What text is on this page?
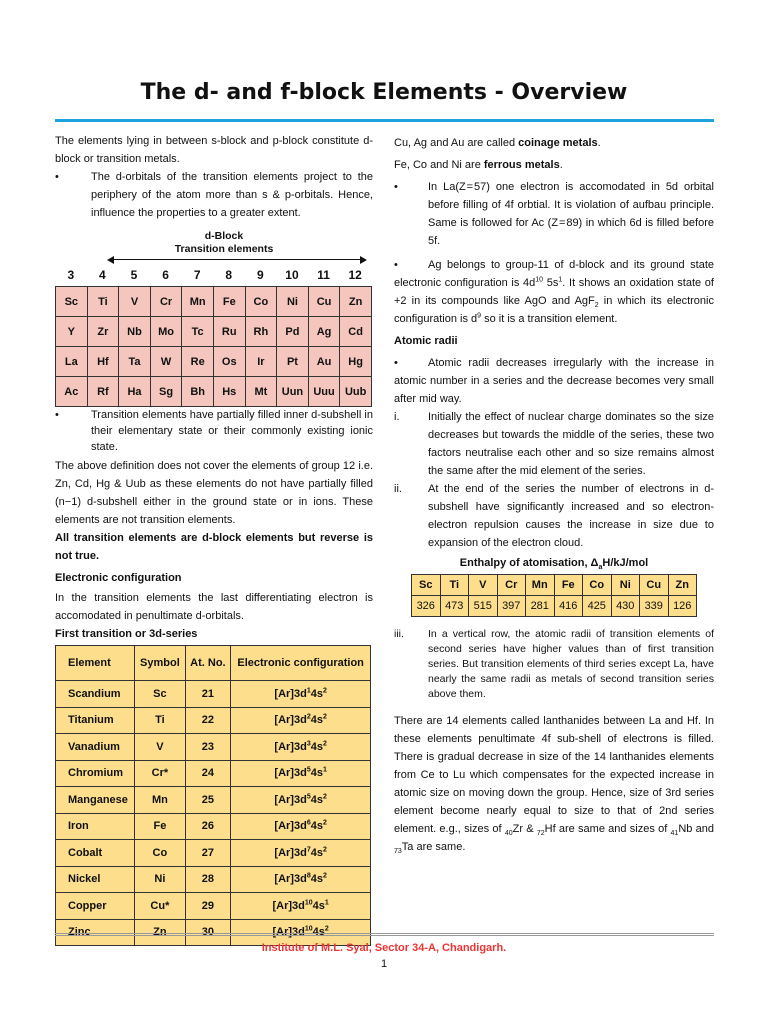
The d- and f-block Elements - Overview

The elements lying in between s-block and p-block constitute d-block or transition metals.

•	The d-orbitals of the transition elements project to the periphery of the atom more than s & p-orbitals. Hence, influence the properties to a greater extent.
d-Block
Transition elements
3	4	5	6	7	8	9	10	11	12
Sc	Ti	V	Cr	Mn	Fe	Co	Ni	Cu	Zn
Y	Zr	Nb	Mo	Tc	Ru	Rh	Pd	Ag	Cd
La	Hf	Ta	W	Re	Os	Ir	Pt	Au	Hg
Ac	Rf	Ha	Sg	Bh	Hs	Mt	Uun	Uuu	Uub
•	Transition elements have partially filled inner d-subshell in their elementary state or their commonly existing ionic state.

The above definition does not cover the elements of group 12 i.e. Zn, Cd, Hg & Uub as these elements do not have partially filled (n−1) d-subshell either in the ground state or in ions. These elements are not transition elements.

All transition elements are d-block elements but reverse is not true.

Electronic configuration

In the transition elements the last differentiating electron is accomodated in penultimate d-orbitals.

First transition or 3d-series

Element	Symbol	At. No.	Electronic configuration
Scandium	Sc	21	$[Ar]3d^14s^2$
Titanium	Ti	22	$[Ar]3d^24s^2$
Vanadium	V	23	$[Ar]3d^34s^2$
Chromium	Cr*	24	$[Ar]3d^54s^1$
Manganese	Mn	25	$[Ar]3d^54s^2$
Iron	Fe	26	$[Ar]3d^64s^2$
Cobalt	Co	27	$[Ar]3d^74s^2$
Nickel	Ni	28	$[Ar]3d^84s^2$
Copper	Cu*	29	$[Ar]3d^{10}4s^1$
Zinc	Zn	30	$[Ar]3d^{10}4s^2$

Cu, Ag and Au are called coinage metals.

Fe, Co and Ni are ferrous metals.

•	In La(Z = 57) one electron is accomodated in 5d orbital before filling of 4f orbtial. It is violation of aufbau principle. Same is followed for Ac (Z = 89) in which 6d is filled before 5f.

•	Ag belongs to group-11 of d-block and its ground state electronic configuration is $4d^{10}$ $5s^1$. It shows an oxidation state of +2 in its compounds like AgO and AgF$_2$ in which its electronic configuration is $d^9$ so it is a transition element.

Atomic radii

•	Atomic radii decreases irregularly with the increase in atomic number in a series and the decrease becomes very small after mid way.

i.	Initially the effect of nuclear charge dominates so the size decreases but towards the middle of the series, these two factors neutralise each other and so size remains almost the same after the mid element of the series.
ii. At the end of the series the number of electrons in d-subshell have significantly increased and so electron-electron repulsion causes the increase in size due to expansion of the electron cloud.
Enthalpy of atomisation, $\Delta_aH/kJ$/mol
Sc	Ti	V	Cr	Mn	Fe	Co	Ni	Cu	Zn
326	473	515	397	281	416	425	430	339	126
iii. In a vertical row, the atomic radii of transition elements of second series have higher values than of first transition series. But transition elements of third series except La, have nearly the same radii as metals of second transition series above them.

There are 14 elements called lanthanides between La and Hf. In these elements penultimate 4f sub-shell of electrons is filled. There is gradual decrease in size of the 14 lanthanides elements from Ce to Lu which compensates for the expected increase in atomic size on moving down the group. Hence, size of 3rd series element become nearly equal to size to that of 2nd series element. e.g., sizes of $_{40}$Zr & $_{72}$Hf are same and sizes of $_{41}$Nb and $_{73}$Ta are same.

Institute of M.L. Syal, Sector 34-A, Chandigarh.
1
